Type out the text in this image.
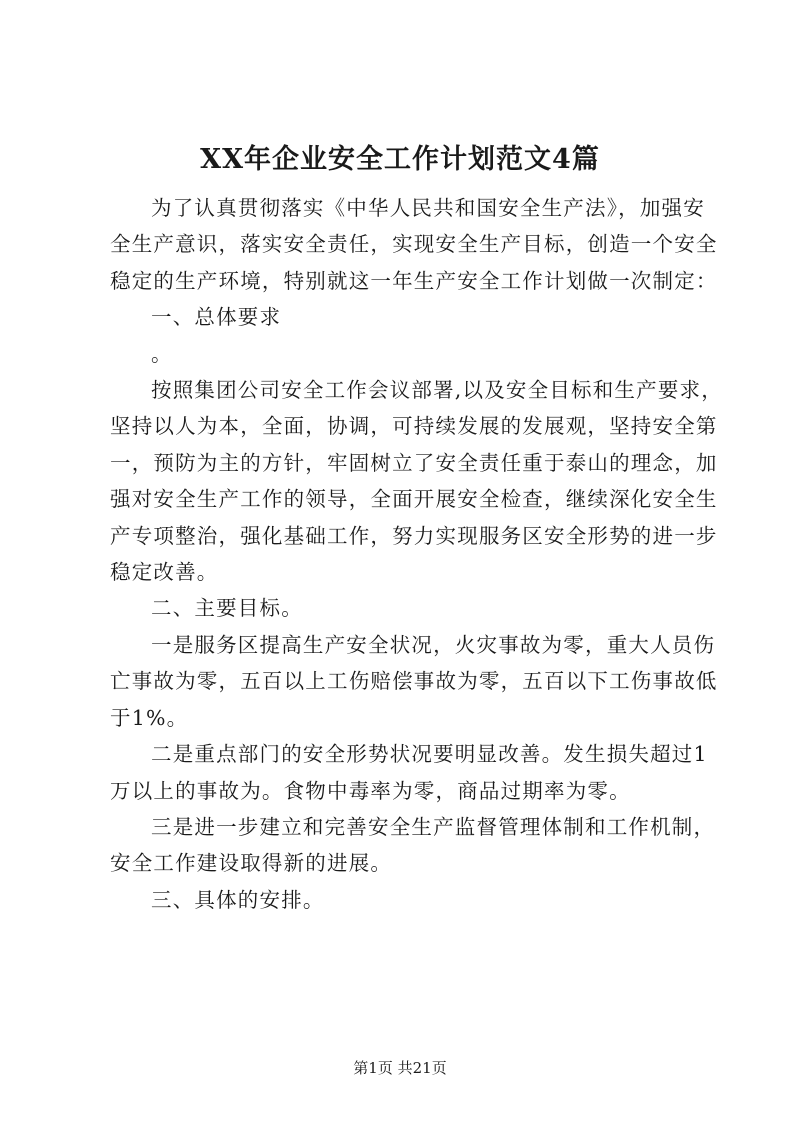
XX年企业安全工作计划范文4篇
为了认真贯彻落实《中华人民共和国安全生产法》，加强安
全生产意识，落实安全责任，实现安全生产目标，创造一个安全
稳定的生产环境，特别就这一年生产安全工作计划做一次制定：
一、总体要求
。
按照集团公司安全工作会议部署,以及安全目标和生产要求，
坚持以人为本，全面，协调，可持续发展的发展观，坚持安全第
一，预防为主的方针，牢固树立了安全责任重于泰山的理念，加
强对安全生产工作的领导，全面开展安全检查，继续深化安全生
产专项整治，强化基础工作，努力实现服务区安全形势的进一步
稳定改善。
二、主要目标。
一是服务区提高生产安全状况，火灾事故为零，重大人员伤
亡事故为零，五百以上工伤赔偿事故为零，五百以下工伤事故低
于1%。
二是重点部门的安全形势状况要明显改善。发生损失超过1
万以上的事故为。食物中毒率为零，商品过期率为零。
三是进一步建立和完善安全生产监督管理体制和工作机制，
安全工作建设取得新的进展。
三、具体的安排。
第1页 共21页
